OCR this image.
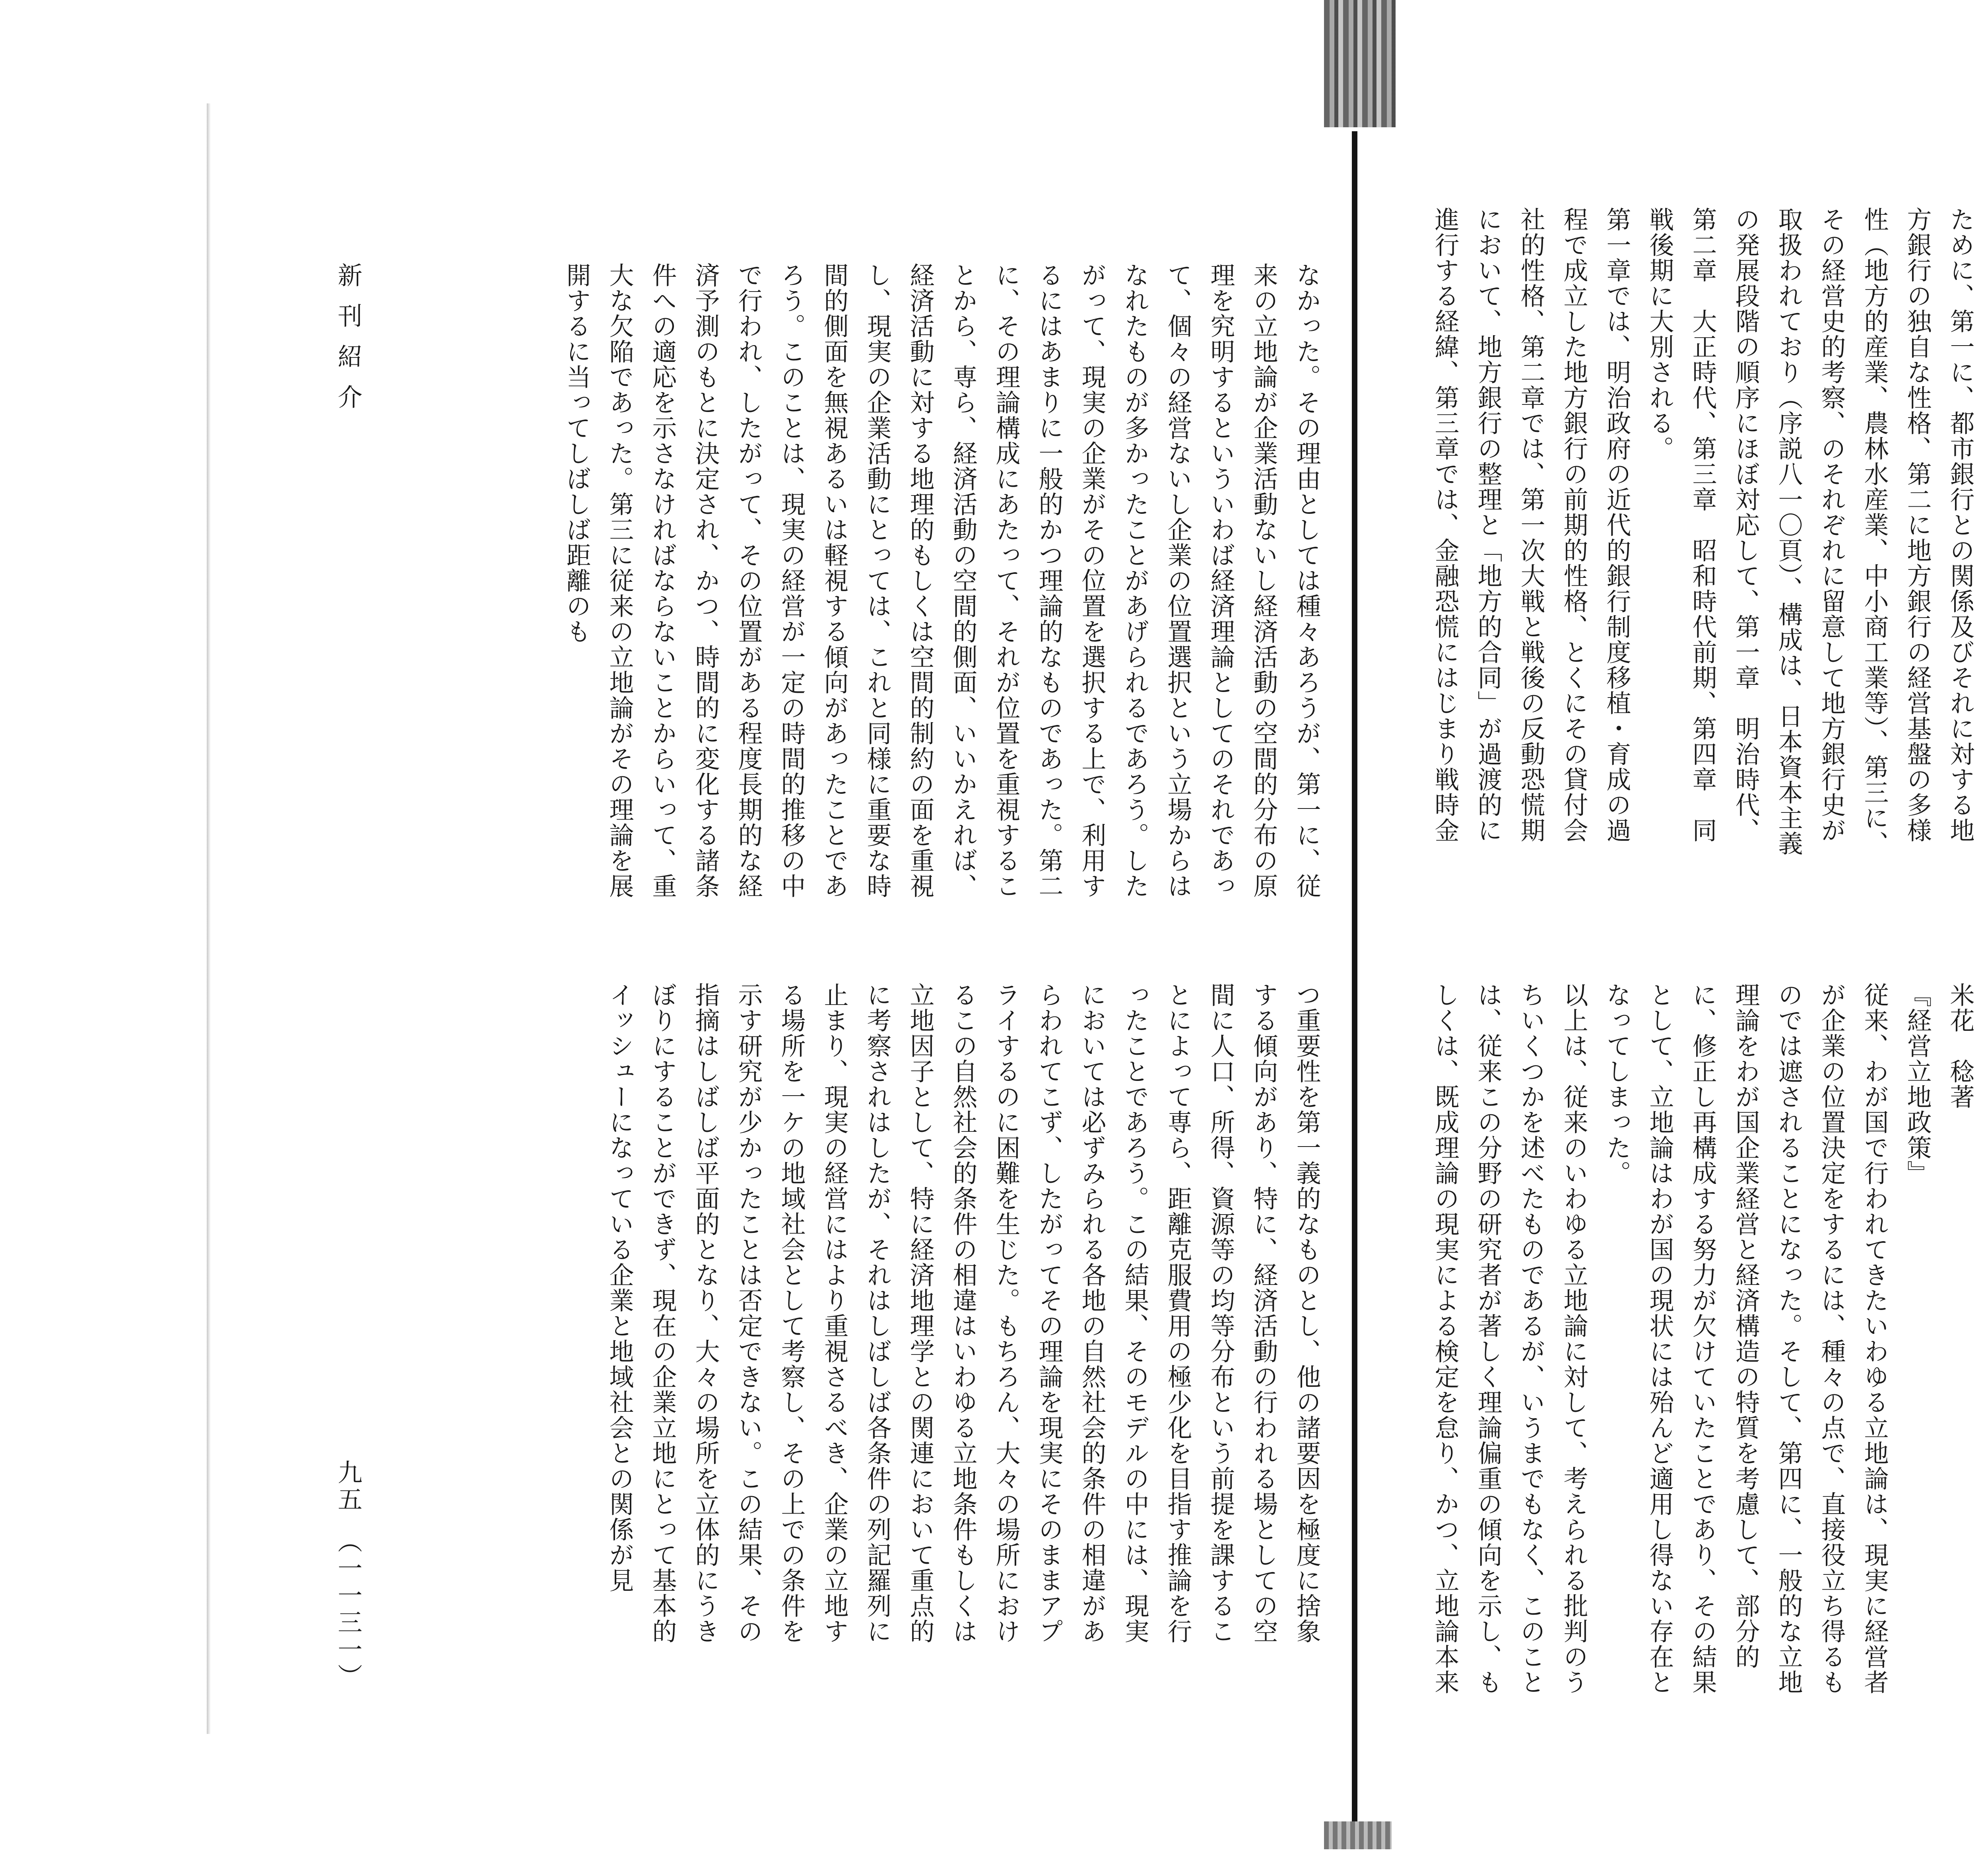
なかった。その理由としては種々あろうが、第一に、従来の立地論が企業活動ないし経済活動の空間的分布の原理を究明するといういわば経済理論としてのそれであって、個々の経営ないし企業の位置選択という立場からはなれたものが多かったことがあげられるであろう。したがって、現実の企業がその位置を選択する上で、利用するにはあまりに一般的かつ理論的なものであった。第二に、その理論構成にあたって、それが位置を重視することから、専ら、経済活動の空間的側面、いいかえれば、経済活動に対する地理的もしくは空間的制約の面を重視し、現実の企業活動にとっては、これと同様に重要な時間的側面を無視あるいは軽視する傾向があったことであろう。このことは、現実の経営が一定の時間的推移の中で行われ、したがって、その位置がある程度長期的な経済予測のもとに決定され、かつ、時間的に変化する諸条件への適応を示さなければならないことからいって、重大な欠陥であった。第三に従来の立地論がその理論を展開するに当ってしばしば距離のも
つ重要性を第一義的なものとし、他の諸要因を極度に捨象する傾向があり、特に、経済活動の行われる場としての空間に人口、所得、資源等の均等分布という前提を課することによって専ら、距離克服費用の極少化を目指す推論を行ったことであろう。この結果、そのモデルの中には、現実においては必ずみられる各地の自然社会的条件の相違があらわれてこず、したがってその理論を現実にそのままアプライするのに困難を生じた。もちろん、大々の場所におけるこの自然社会的条件の相違はいわゆる立地条件もしくは立地因子として、特に経済地理学との関連において重点的に考察されはしたが、それはしばしば各条件の列記羅列に止まり、現実の経営にはより重視さるべき、企業の立地する場所を一ケの地域社会として考察し、その上での条件を示す研究が少かったことは否定できない。この結果、その指摘はしばしば平面的となり、大々の場所を立体的にうきぼりにすることができず、現在の企業立地にとって基本的イッシューになっている企業と地域社会との関係が見
新刊紹介
九五　（一一三一）

ために、第一に、都市銀行との関係及びそれに対する地方銀行の独自な性格、第二に地方銀行の経営基盤の多様性（地方的産業、農林水産業、中小商工業等）、第三に、その経営史的考察、のそれぞれに留意して地方銀行史が取扱われており（序説八一〇頁）、構成は、日本資本主義の発展段階の順序にほぼ対応して、第一章　明治時代、第二章　大正時代、第三章　昭和時代前期、第四章　同戦後期に大別される。
第一章では、明治政府の近代的銀行制度移植・育成の過程で成立した地方銀行の前期的性格、とくにその貸付会社的性格、第二章では、第一次大戦と戦後の反動恐慌期において、地方銀行の整理と「地方的合同」が過渡的に進行する経緯、第三章では、金融恐慌にはじまり戦時金

米花　稔著
『経営立地政策』
従来、わが国で行われてきたいわゆる立地論は、現実に経営者が企業の位置決定をするには、種々の点で、直接役立ち得るものでは遮されることになった。そして、第四に、一般的な立地理論をわが国企業経営と経済構造の特質を考慮して、部分的に、修正し再構成する努力が欠けていたことであり、その結果として、立地論はわが国の現状には殆んど適用し得ない存在となってしまった。
以上は、従来のいわゆる立地論に対して、考えられる批判のうちいくつかを述べたものであるが、いうまでもなく、このことは、従来この分野の研究者が著しく理論偏重の傾向を示し、もしくは、既成理論の現実による検定を怠り、かつ、立地論本来
